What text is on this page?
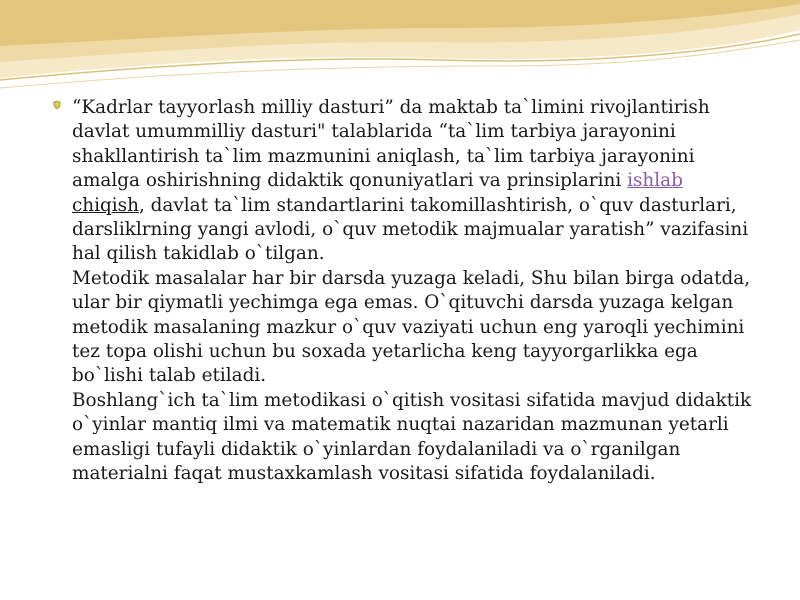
“Kadrlar tayyorlash milliy dasturi” da maktab ta`limini rivojlantirish davlat umummilliy dasturi" talablarida “ta`lim tarbiya jarayonini shakllantirish ta`lim mazmunini aniqlash, ta`lim tarbiya jarayonini amalga oshirishning didaktik qonuniyatlari va prinsiplarini ishlab
chiqish, davlat ta`lim standartlarini takomillashtirish, o`quv dasturlari, darsliklrning yangi avlodi, o`quv metodik majmualar yaratish” vazifasini hal qilish takidlab o`tilgan.

Metodik masalalar har bir darsda yuzaga keladi, Shu bilan birga odatda, ular bir qiymatli yechimga ega emas. O`qituvchi darsda yuzaga kelgan metodik masalaning mazkur o`quv vaziyati uchun eng yaroqli yechimini tez topa olishi uchun bu soxada yetarlicha keng tayyorgarlikka ega bo`lishi talab etiladi.

Boshlang`ich ta`lim metodikasi o`qitish vositasi sifatida mavjud didaktik o`yinlar mantiq ilmi va matematik nuqtai nazaridan mazmunan yetarli emasligi tufayli didaktik o`yinlardan foydalaniladi va o`rganilgan materialni faqat mustaxkamlash vositasi sifatida foydalaniladi.
